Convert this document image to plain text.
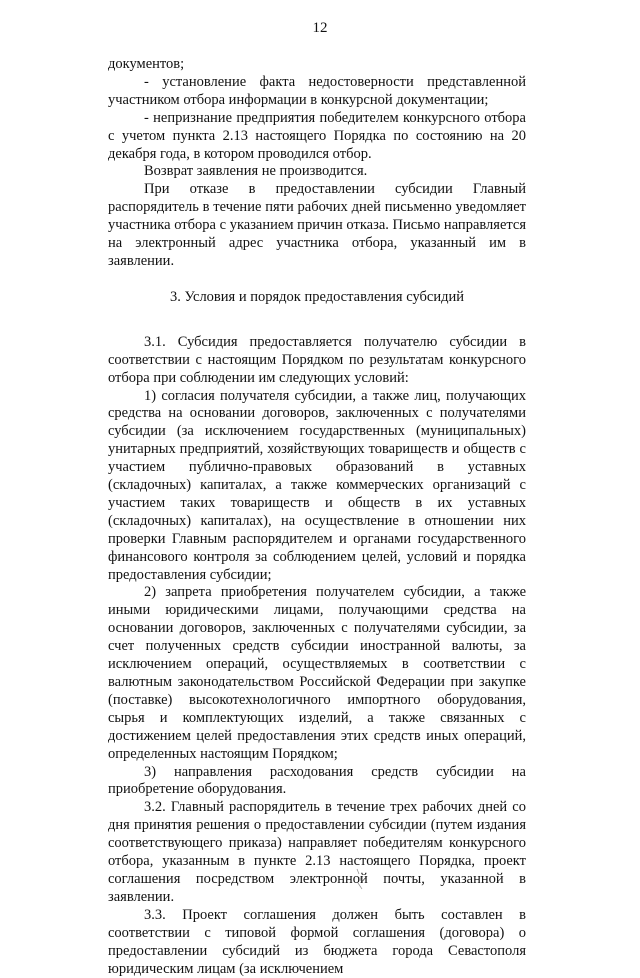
12

документов;

- установление факта недостоверности представленной участником отбора информации в конкурсной документации;

- непризнание предприятия победителем конкурсного отбора с учетом пункта 2.13 настоящего Порядка по состоянию на 20 декабря года, в котором проводился отбор.

Возврат заявления не производится.

При отказе в предоставлении субсидии Главный распорядитель в течение пяти рабочих дней письменно уведомляет участника отбора с указанием причин отказа. Письмо направляется на электронный адрес участника отбора, указанный им в заявлении.

3. Условия и порядок предоставления субсидий

3.1. Субсидия предоставляется получателю субсидии в соответствии с настоящим Порядком по результатам конкурсного отбора при соблюдении им следующих условий:

1) согласия получателя субсидии, а также лиц, получающих средства на основании договоров, заключенных с получателями субсидии (за исключением государственных (муниципальных) унитарных предприятий, хозяйствующих товариществ и обществ с участием публично-правовых образований в уставных (складочных) капиталах, а также коммерческих организаций с участием таких товариществ и обществ в их уставных (складочных) капиталах), на осуществление в отношении них проверки Главным распорядителем и органами государственного финансового контроля за соблюдением целей, условий и порядка предоставления субсидии;

2) запрета приобретения получателем субсидии, а также иными юридическими лицами, получающими средства на основании договоров, заключенных с получателями субсидии, за счет полученных средств субсидии иностранной валюты, за исключением операций, осуществляемых в соответствии с валютным законодательством Российской Федерации при закупке (поставке) высокотехнологичного импортного оборудования, сырья и комплектующих изделий, а также связанных с достижением целей предоставления этих средств иных операций, определенных настоящим Порядком;

3) направления расходования средств субсидии на приобретение оборудования.

3.2. Главный распорядитель в течение трех рабочих дней со дня принятия решения о предоставлении субсидии (путем издания соответствующего приказа) направляет победителям конкурсного отбора, указанным в пункте 2.13 настоящего Порядка, проект соглашения посредством электронной почты, указанной в заявлении.

3.3. Проект соглашения должен быть составлен в соответствии с типовой формой соглашения (договора) о предоставлении субсидий из бюджета города Севастополя юридическим лицам (за исключением
